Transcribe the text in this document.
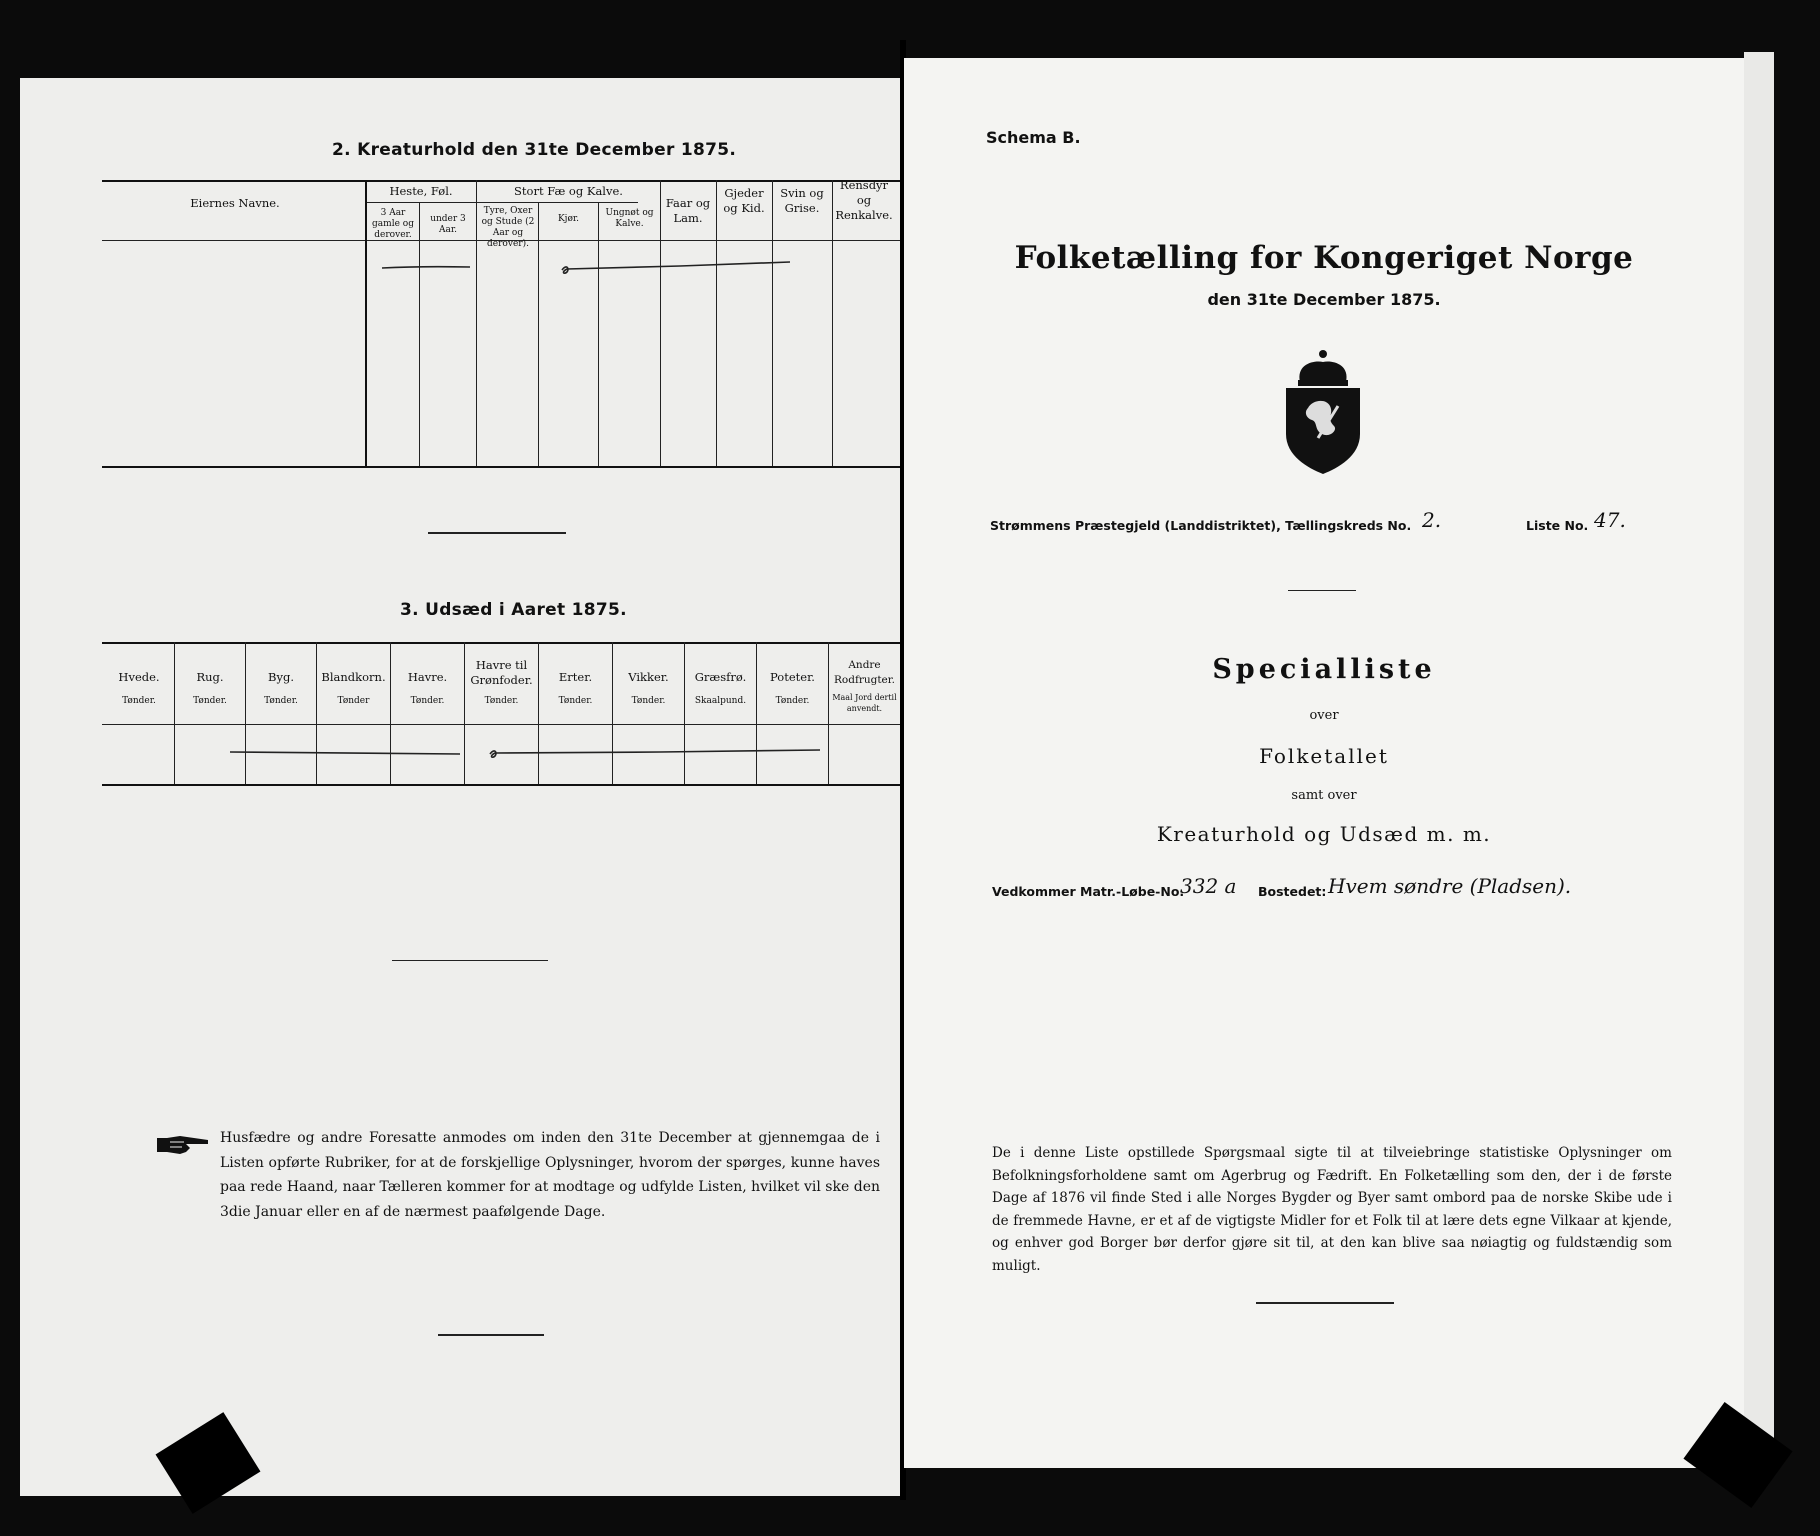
2. Kreaturhold den 31te December 1875.
Eiernes Navne.
Heste, Føl.
3 Aar gamle og derover.
under 3 Aar.
Stort Fæ og Kalve.
Tyre, Oxer og Stude (2 Aar og derover).
Kjør.
Ungnøt og Kalve.
Faar og Lam.
Gjeder og Kid.
Svin og Grise.
Rensdyr og Renkalve.
3. Udsæd i Aaret 1875.
Hvede.
Tønder.
Rug.
Tønder.
Byg.
Tønder.
Blandkorn.
Tønder
Havre.
Tønder.
Havre til Grønfoder.
Tønder.
Erter.
Tønder.
Vikker.
Tønder.
Græsfrø.
Skaalpund.
Poteter.
Tønder.
Andre Rodfrugter.
Maal Jord dertil anvendt.
Husfædre og andre Foresatte anmodes om inden den 31te December at gjennemgaa de i Listen opførte Rubriker, for at de forskjellige Oplysninger, hvorom der spørges, kunne haves paa rede Haand, naar Tælleren kommer for at modtage og udfylde Listen, hvilket vil ske den 3die Januar eller en af de nærmest paafølgende Dage.
Schema B.
Folketælling for Kongeriget Norge
den 31te December 1875.
Strømmens Præstegjeld (Landdistriktet), Tællingskreds No. 2.	Liste No. 47.
Specialliste
over
Folketallet
samt over
Kreaturhold og Udsæd m. m.
Vedkommer Matr.-Løbe-No.
332 a Bostedet: Hvem søndre (Pladsen).
De i denne Liste opstillede Spørgsmaal sigte til at tilveiebringe statistiske Oplysninger om Befolkningsforholdene samt om Agerbrug og Fædrift. En Folketælling som den, der i de første Dage af 1876 vil finde Sted i alle Norges Bygder og Byer samt ombord paa de norske Skibe ude i de fremmede Havne, er et af de vigtigste Midler for et Folk til at lære dets egne Vilkaar at kjende, og enhver god Borger bør derfor gjøre sit til, at den kan blive saa nøiagtig og fuldstændig som muligt.
